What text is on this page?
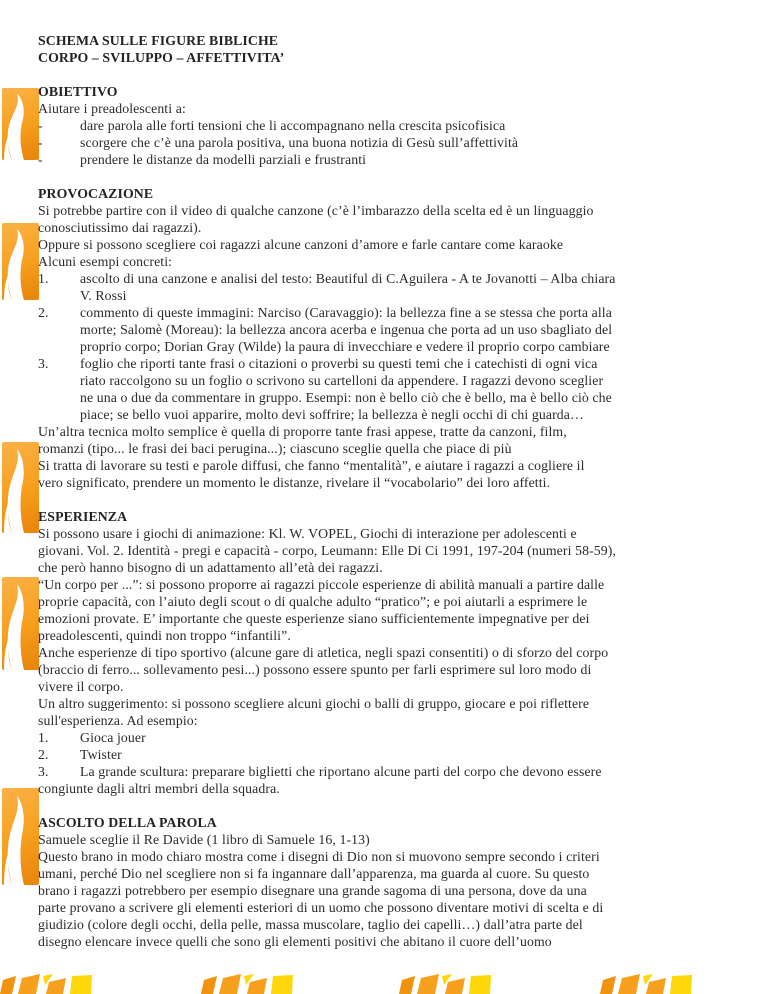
SCHEMA SULLE FIGURE BIBLICHE
CORPO – SVILUPPO – AFFETTIVITA’
OBIETTIVO
Aiutare i preadolescenti a:
-	dare parola alle forti tensioni che li accompagnano nella crescita psicofisica
-	scorgere che c’è una parola positiva, una buona notizia di Gesù sull’affettività
-	prendere le distanze da modelli parziali e frustranti
PROVOCAZIONE
Si potrebbe partire con il video di qualche canzone (c’è l’imbarazzo della scelta ed è un linguaggio
conosciutissimo dai ragazzi).
Oppure si possono scegliere coi ragazzi alcune canzoni d’amore e farle cantare come karaoke
Alcuni esempi concreti:
1.	ascolto di una canzone e analisi del testo: Beautiful di C.Aguilera - A te Jovanotti – Alba chiara
V. Rossi
2.	commento di queste immagini: Narciso (Caravaggio): la bellezza fine a se stessa che porta alla
morte; Salomè (Moreau): la bellezza ancora acerba e ingenua che porta ad un uso sbagliato del
proprio corpo; Dorian Gray (Wilde) la paura di invecchiare e vedere il proprio corpo cambiare
3.	foglio che riporti tante frasi o citazioni o proverbi su questi temi che i catechisti di ogni vica
riato raccolgono su un foglio o scrivono su cartelloni da appendere. I ragazzi devono sceglier
ne una o due da commentare in gruppo. Esempi: non è bello ciò che è bello, ma è bello ciò che
piace; se bello vuoi apparire, molto devi soffrire; la bellezza è negli occhi di chi guarda…
Un’altra tecnica molto semplice è quella di proporre tante frasi appese, tratte da canzoni, film,
romanzi (tipo... le frasi dei baci perugina...); ciascuno sceglie quella che piace di più
Si tratta di lavorare su testi e parole diffusi, che fanno “mentalità”, e aiutare i ragazzi a cogliere il
vero significato, prendere un momento le distanze, rivelare il “vocabolario” dei loro affetti.
ESPERIENZA
Si possono usare i giochi di animazione: Kl. W. VOPEL, Giochi di interazione per adolescenti e
giovani. Vol. 2. Identità - pregi e capacità - corpo, Leumann: Elle Di Ci 1991, 197-204 (numeri 58-59),
che però hanno bisogno di un adattamento all’età dei ragazzi.
“Un corpo per ...”: si possono proporre ai ragazzi piccole esperienze di abilità manuali a partire dalle
proprie capacità, con l’aiuto degli scout o di qualche adulto “pratico”; e poi aiutarli a esprimere le
emozioni provate. E’ importante che queste esperienze siano sufficientemente impegnative per dei
preadolescenti, quindi non troppo “infantili”.
Anche esperienze di tipo sportivo (alcune gare di atletica, negli spazi consentiti) o di sforzo del corpo
(braccio di ferro... sollevamento pesi...) possono essere spunto per farli esprimere sul loro modo di
vivere il corpo.
Un altro suggerimento: si possono scegliere alcuni giochi o balli di gruppo, giocare e poi riflettere
sull'esperienza. Ad esempio:
1.	Gioca jouer
2.	Twister
3.	La grande scultura: preparare biglietti che riportano alcune parti del corpo che devono essere
congiunte dagli altri membri della squadra.
ASCOLTO DELLA PAROLA
Samuele sceglie il Re Davide (1 libro di Samuele 16, 1-13)
Questo brano in modo chiaro mostra come i disegni di Dio non si muovono sempre secondo i criteri
umani, perché Dio nel scegliere non si fa ingannare dall’apparenza, ma guarda al cuore. Su questo
brano i ragazzi potrebbero per esempio disegnare una grande sagoma di una persona, dove da una
parte provano a scrivere gli elementi esteriori di un uomo che possono diventare motivi di scelta e di
giudizio (colore degli occhi, della pelle, massa muscolare, taglio dei capelli…) dall’atra parte del
disegno elencare invece quelli che sono gli elementi positivi che abitano il cuore dell’uomo
